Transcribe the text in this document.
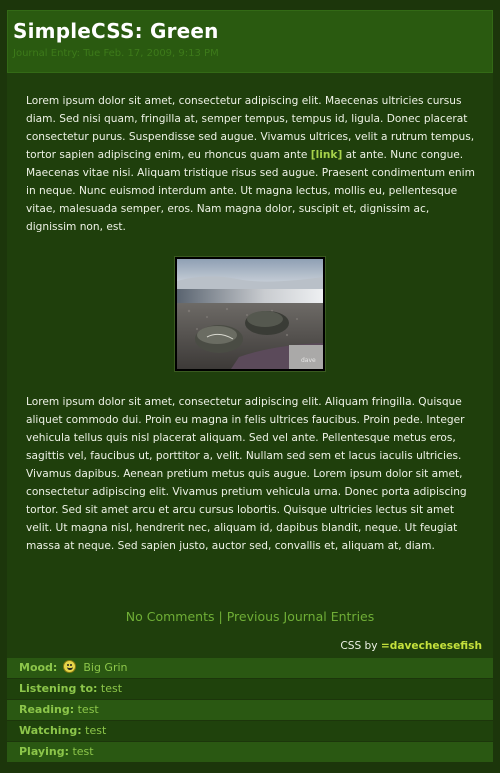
SimpleCSS: Green
Journal Entry: Tue Feb. 17, 2009, 9:13 PM

Lorem ipsum dolor sit amet, consectetur adipiscing elit. Maecenas ultricies cursus diam. Sed nisi quam, fringilla at, semper tempus, tempus id, ligula. Donec placerat consectetur purus. Suspendisse sed augue. Vivamus ultrices, velit a rutrum tempus, tortor sapien adipiscing enim, eu rhoncus quam ante [link] at ante. Nunc congue. Maecenas vitae nisi. Aliquam tristique risus sed augue. Praesent condimentum enim in neque. Nunc euismod interdum ante. Ut magna lectus, mollis eu, pellentesque vitae, malesuada semper, eros. Nam magna dolor, suscipit et, dignissim ac, dignissim non, est.

dave

Lorem ipsum dolor sit amet, consectetur adipiscing elit. Aliquam fringilla. Quisque aliquet commodo dui. Proin eu magna in felis ultrices faucibus. Proin pede. Integer vehicula tellus quis nisl placerat aliquam. Sed vel ante. Pellentesque metus eros, sagittis vel, faucibus ut, porttitor a, velit. Nullam sed sem et lacus iaculis ultricies. Vivamus dapibus. Aenean pretium metus quis augue. Lorem ipsum dolor sit amet, consectetur adipiscing elit. Vivamus pretium vehicula urna. Donec porta adipiscing tortor. Sed sit amet arcu et arcu cursus lobortis. Quisque ultricies lectus sit amet velit. Ut magna nisl, hendrerit nec, aliquam id, dapibus blandit, neque. Ut feugiat massa at neque. Sed sapien justo, auctor sed, convallis et, aliquam at, diam.

No Comments | Previous Journal Entries
CSS by =davecheesefish
Mood: Big Grin
Listening to: test
Reading: test
Watching: test
Playing: test
